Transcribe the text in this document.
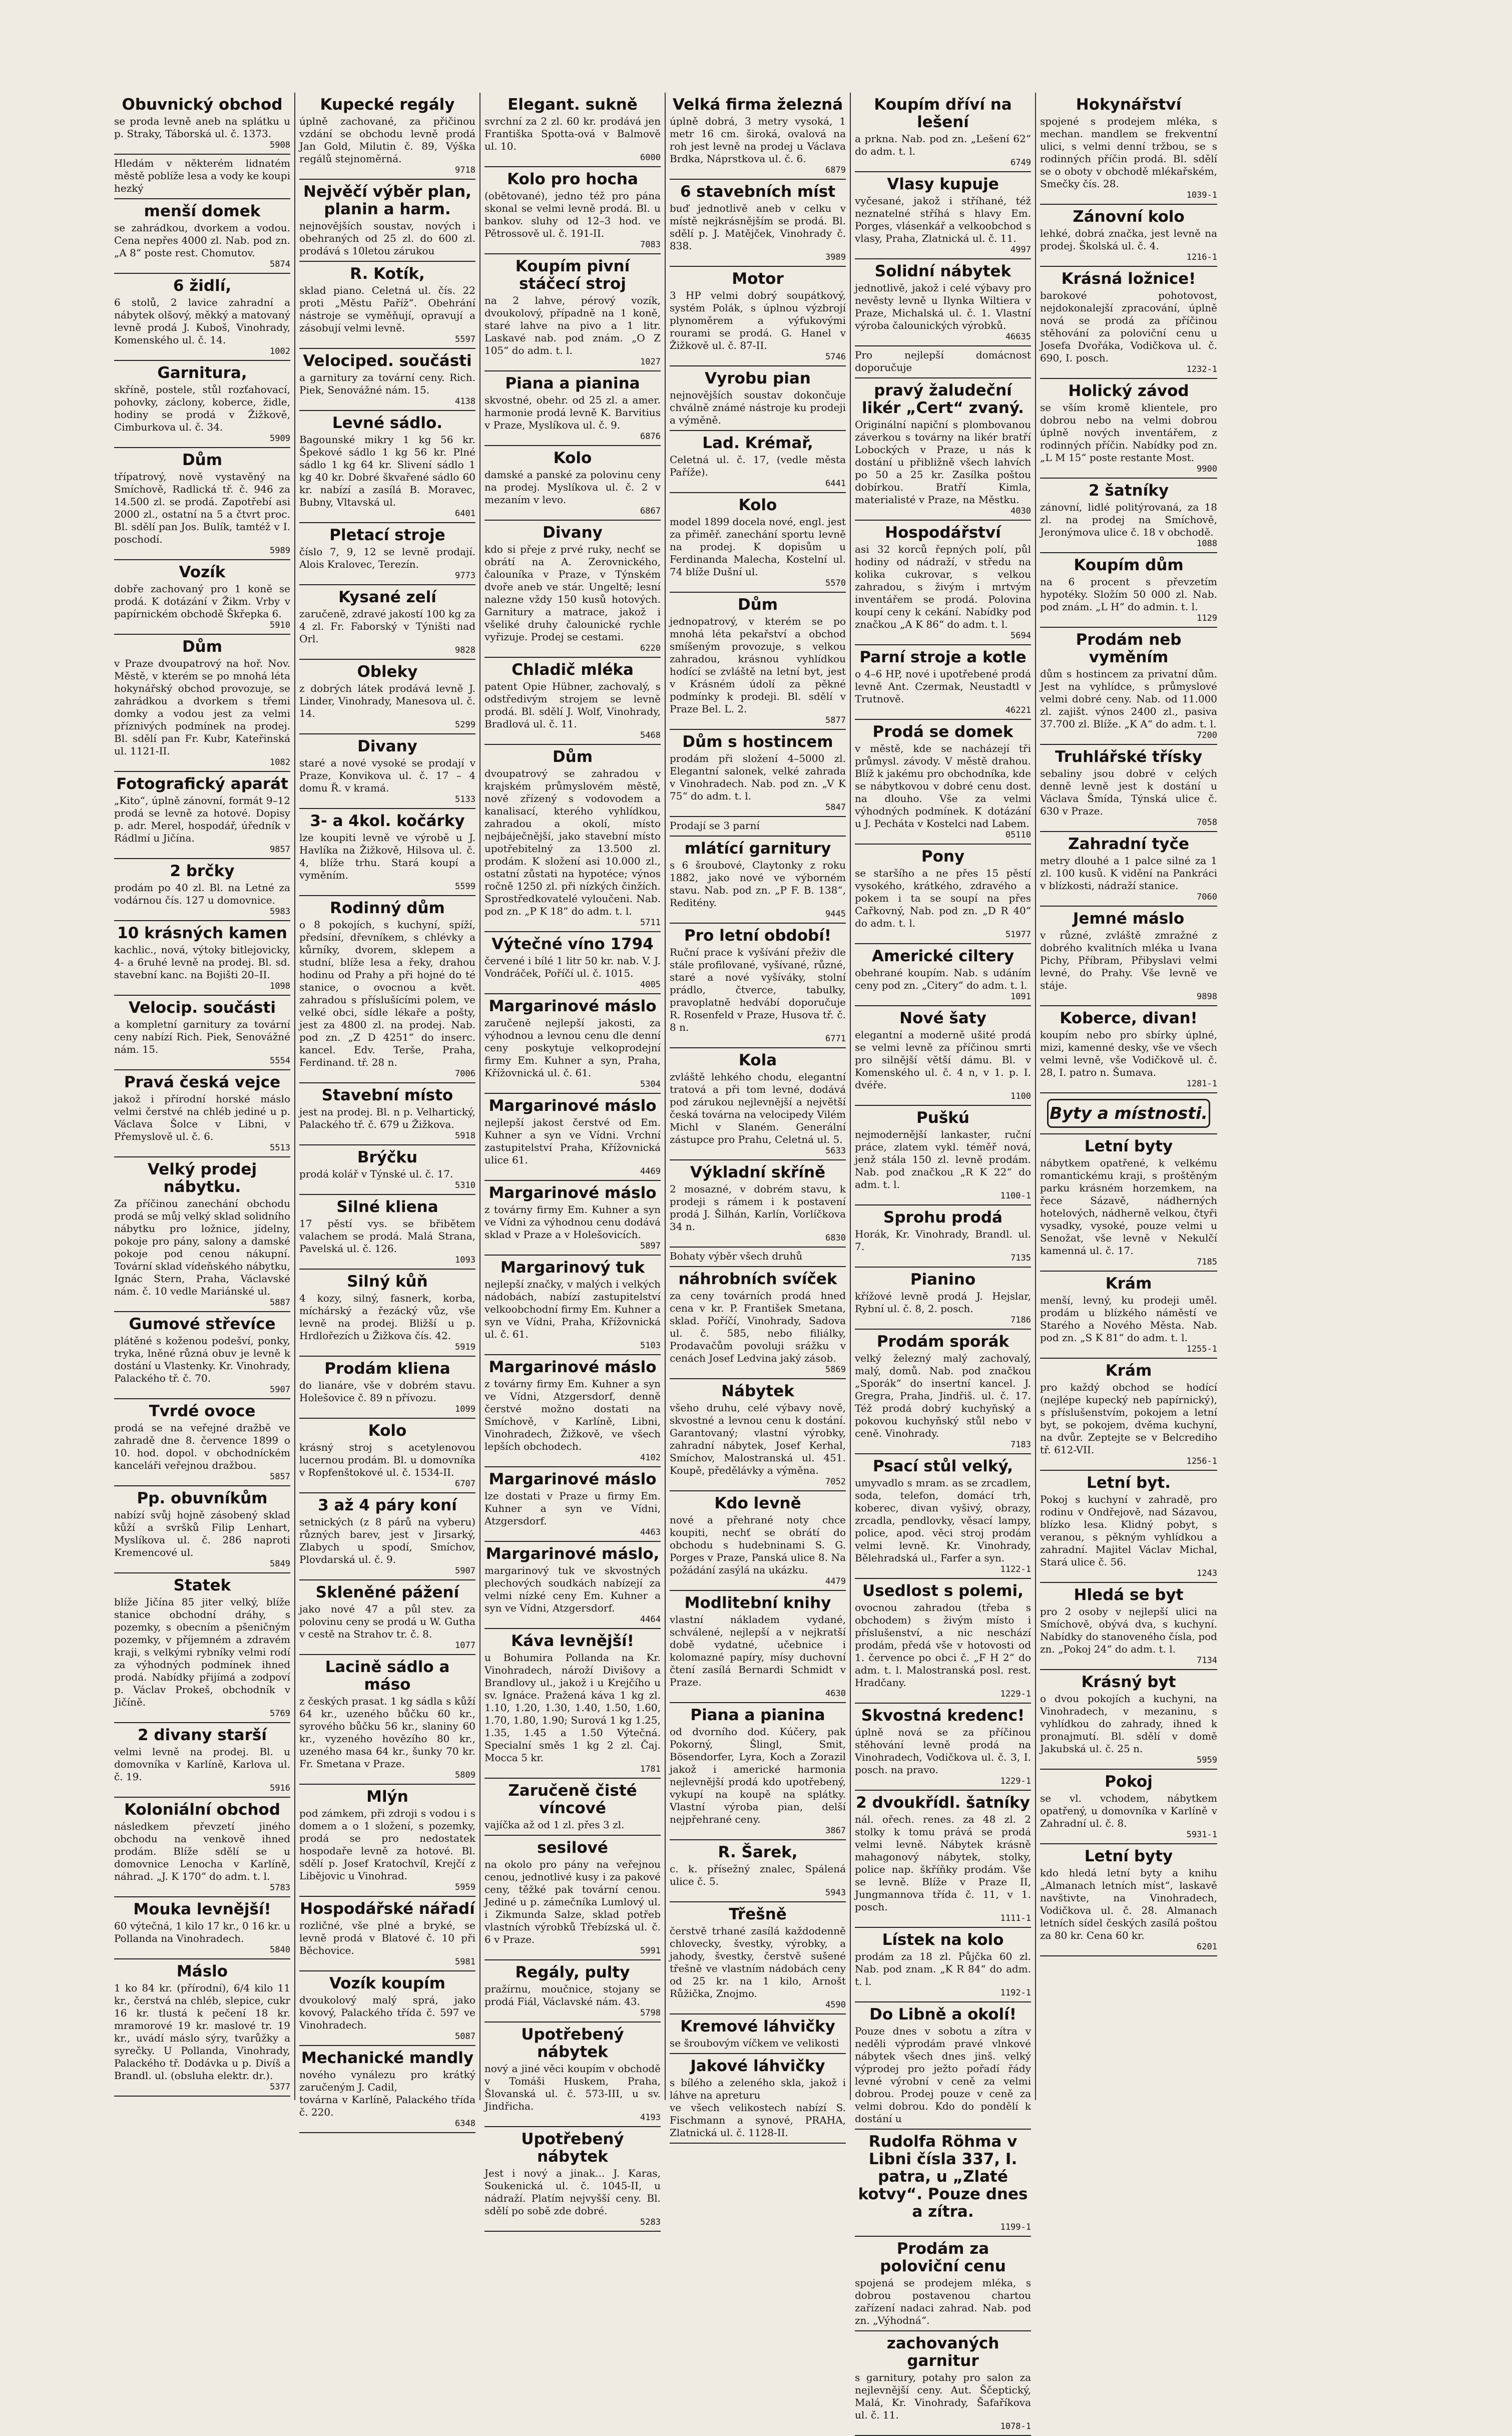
Obuvnický obchod
se proda levně aneb na splátku u p. Straky, Táborská ul. č. 1373.
5908
Hledám v některém lidnatém městě poblíže lesa a vody ke koupi hezký
menší domek
se zahrádkou, dvorkem a vodou. Cena nepřes 4000 zl. Nab. pod zn. „A 8“ poste rest. Chomutov.
5874
6 židlí,
6 stolů, 2 lavice zahradní a nábytek olšový, měkký a matovaný levně prodá J. Kuboš, Vinohrady, Komenského ul. č. 14.
1002
Garnitura,
skříně, postele, stůl rozťahovací, pohovky, záclony, koberce, židle, hodiny se prodá v Žižkově, Cimburkova ul. č. 34.
5909
Dům
třípatrový, nově vystavěný na Smíchově, Radlická tř. č. 946 za 14.500 zl. se prodá. Zapotřebí asi 2000 zl., ostatní na 5 a čtvrt proc. Bl. sdělí pan Jos. Bulík, tamtéž v I. poschodí.
5989
Vozík
dobře zachovaný pro 1 koně se prodá. K dotázání v Žikm. Vrby v papírnickém obchodě Škřepka 6.
5910
Dům
v Praze dvoupatrový na hoř. Nov. Městě, v kterém se po mnohá léta hokynářský obchod provozuje, se zahrádkou a dvorkem s třemi domky a vodou jest za velmi příznivých podmínek na prodej. Bl. sdělí pan Fr. Kubr, Kateřinská ul. 1121-II.
1082
Fotografický aparát
„Kito“, úplně zánovní, formát 9–12 prodá se levně za hotové. Dopisy p. adr. Merel, hospodář, úředník v Rádlmí u Jičína.
9857
2 brčky
prodám po 40 zl. Bl. na Letné za vodárnou čís. 127 u domovnice.
5983
10 krásných kamen
kachlic., nová, výtoky bitlejovicky, 4- a 6ruhé levně na prodej. Bl. sd. stavební kanc. na Bojišti 20–II.
1098
Velocip. součásti
a kompletní garnitury za tovární ceny nabízí Rich. Piek, Senovážné nám. 15.
5554
Pravá česká vejce
jakož i přírodní horské máslo velmi čerstvé na chléb jediné u p. Václava Šolce v Libni, v Přemyslově ul. č. 6.
5513
Velký prodej nábytku.
Za příčinou zanechání obchodu prodá se můj velký sklad solidního nábytku pro ložnice, jídelny, pokoje pro pány, salony a damské pokoje pod cenou nákupní. Tovární sklad vídeňského nábytku, Ignác Stern, Praha, Václavské nám. č. 10 vedle Mariánské ul.
5887
Gumové střevíce
plátěné s koženou podešví, ponky, tryka, lněné různá obuv je levně k dostání u Vlastenky. Kr. Vinohrady, Palackého tř. č. 70.
5907
Tvrdé ovoce
prodá se na veřejné dražbě ve zahradě dne 8. července 1899 o 10. hod. dopol. v obchodníckém kanceláři veřejnou dražbou.
5857
Pp. obuvníkům
nabízí svůj hojně zásobený sklad kůží a svršků Filip Lenhart, Myslíkova ul. č. 286 naproti Kremencové ul.
5849
Statek
blíže Jičína 85 jiter velký, blíže stanice obchodní dráhy, s pozemky, s obecním a pšeničným pozemky, v příjemném a zdravém kraji, s velkými rybníky velmi rodí za výhodných podmínek ihned prodá. Nabídky přijímá a zodpoví p. Václav Prokeš, obchodník v Jičíně.
5769
2 divany starší
velmi levně na prodej. Bl. u domovníka v Karlíně, Karlova ul. č. 19.
5916
Koloniální obchod
následkem převzetí jiného obchodu na venkově ihned prodám. Blíže sdělí se u domovnice Lenocha v Karlíně, náhrad. „J. K 170“ do adm. t. l.
5783
Mouka levnější!
60 výtečná, 1 kilo 17 kr., 0 16 kr. u Pollanda na Vinohradech.
5840
Máslo
1 ko 84 kr. (přírodní), 6/4 kilo 11 kr., čerstvá na chléb, slepice, cukr 16 kr. tlustá k pečení 18 kr. mramorové 19 kr. maslové tr. 19 kr., uvádí máslo sýry, tvarůžky a syrečky. U Pollanda, Vinohrady, Palackého tř. Dodávka u p. Divíš a Brandl. ul. (obsluha elektr. dr.).
5377
Kupecké regály
úplně zachované, za přičinou vzdání se obchodu levně prodá Jan Gold, Milutin č. 89, Výška regálů stejnoměrná.
9718
Nejvěčí výběr plan, planin a harm.
nejnovějších soustav, nových i obehraných od 25 zl. do 600 zl. prodává s 10letou zárukou
R. Kotík,
sklad piano. Celetná ul. čís. 22 proti „Městu Paříž“. Obehrání nástroje se vyměňují, opravují a zásobují velmi levně.
5597
Velociped. součásti
a garnitury za tovární ceny. Rich. Piek, Senovážné nám. 15.
4138
Levné sádlo.
Bagounské mikry 1 kg 56 kr. Špekové sádlo 1 kg 56 kr. Plné sádlo 1 kg 64 kr. Slivení sádlo 1 kg 40 kr. Dobré škvařené sádlo 60 kr. nabízí a zasílá B. Moravec, Bubny, Vltavská ul.
6401
Pletací stroje
číslo 7, 9, 12 se levně prodají. Alois Kralovec, Terezín.
9773
Kysané zelí
zaručeně, zdravé jakostí 100 kg za 4 zl. Fr. Faborský v Týništi nad Orl.
9828
Obleky
z dobrých látek prodává levně J. Linder, Vinohrady, Manesova ul. č. 14.
5299
Divany
staré a nové vysoké se prodají v Praze, Konvikova ul. č. 17 – 4 domu Ř. v kramá.
5133
3- a 4kol. kočárky
lze koupiti levně ve výrobě u J. Havlíka na Žižkově, Hilsova ul. č. 4, blíže trhu. Stará koupí a vyměním.
5599
Rodinný dům
o 8 pokojích, s kuchyní, spíží, předsíní, dřevníkem, s chlévky a kůrníky, dvorem, sklepem a studní, blíže lesa a řeky, drahou hodinu od Prahy a při hojné do té stanice, o ovocnou a květ. zahradou s příslušícími polem, ve velké obci, sídle lékaře a pošty, jest za 4800 zl. na prodej. Nab. pod zn. „Z D 4251“ do inserc. kancel. Edv. Terše, Praha, Ferdinand. tř. 28 n.
7006
Stavební místo
jest na prodej. Bl. n p. Velhartický, Palackého tř. č. 679 u Žižkova.
5918
Brýčku
prodá kolář v Týnské ul. č. 17.
5310
Silné kliena
17 pěstí vys. se břibětem valachem se prodá. Malá Strana, Pavelská ul. č. 126.
1093
Silný kůň
4 kozy, silný, fasnerk, korba, míchárský a řezácký vůz, vše levně na prodej. Bližší u p. Hrdlořezích u Žižkova čís. 42.
5919
Prodám kliena
do lianáre, vše v dobrém stavu. Holešovice č. 89 n přívozu.
1099
Kolo
krásný stroj s acetylenovou lucernou prodám. Bl. u domovníka v Ropfenštokové ul. č. 1534-II.
6707
3 až 4 páry koní
setnických (z 8 párů na vyberu) různých barev, jest v Jirsarký, Zlabych u spodí, Smíchov, Plovdarská ul. č. 9.
5907
Skleněné pážení
jako nové 47 a půl stev. za polovinu ceny se prodá u W. Gutha v cestě na Strahov tr. č. 8.
1077
Lacině sádlo a máso
z českých prasat. 1 kg sádla s kůží 64 kr., uzeného bůčku 60 kr., syrového bůčku 56 kr., slaniny 60 kr., vyzeného hovězího 80 kr., uzeného masa 64 kr., šunky 70 kr. Fr. Smetana v Praze.
5809
Mlýn
pod zámkem, při zdroji s vodou i s domem a o 1 složení, s pozemky, prodá se pro nedostatek hospodaře levně za hotové. Bl. sdělí p. Josef Kratochvíl, Krejčí z Libějovic u Vinohrad.
5959
Hospodářské nářadí
rozličné, vše plné a bryké, se levně prodá v Blatové č. 10 při Běchovice.
5981
Vozík koupím
dvoukolový malý sprá, jako kovový, Palackého třída č. 597 ve Vinohradech.
5087
Mechanické mandly
nového vynálezu pro krátký zaručeným J. Cadil,
továrna v Karlíně, Palackého třída č. 220.
6348
Elegant. sukně
svrchní za 2 zl. 60 kr. prodává jen Františka Spotta-ová v Balmově ul. 10.
6000
Kolo pro hocha
(obětované), jedno též pro pána skonal se velmi levně prodá. Bl. u bankov. sluhy od 12–3 hod. ve Pětrossově ul. č. 191-II.
7083
Koupím pivní stáčecí stroj
na 2 lahve, pérový vozík, dvoukolový, případně na 1 koně, staré lahve na pivo a 1 litr. Laskavé nab. pod znám. „O Z 105“ do adm. t. l.
1027
Piana a pianina
skvostné, obehr. od 25 zl. a amer. harmonie prodá levně K. Barvitius v Praze, Myslíkova ul. č. 9.
6876
Kolo
damské a panské za polovinu ceny na prodej. Myslíkova ul. č. 2 v mezaním v levo.
6867
Divany
kdo si přeje z prvé ruky, nechť se obrátí na A. Zerovnického, čalouníka v Praze, v Týnském dvoře aneb ve stár. Ungeltě; lesní nalezne vždy 150 kusů hotových. Garnitury a matrace, jakož i všeliké druhy čalounické rychle vyřizuje. Prodej se cestami.
6220
Chladič mléka
patent Opie Hübner, zachovalý, s odstředivým strojem se levně prodá. Bl. sdělí J. Wolf, Vinohrady, Bradlová ul. č. 11.
5468
Dům
dvoupatrový se zahradou v krajském průmyslovém městě, nově zřízený s vodovodem a kanalisací, kterého vyhlídkou, zahradou a okolí, místo nejbáječnější, jako stavební místo upotřebitelný za 13.500 zl. prodám. K složení asi 10.000 zl., ostatní zůstati na hypotéce; výnos ročně 1250 zl. při nízkých činžích. Sprostředkovatelé vyloučeni. Nab. pod zn. „P K 18“ do adm. t. l.
5711
Výtečné víno 1794
červené i bílé 1 litr 50 kr. nab. V. J. Vondráček, Poříčí ul. č. 1015.
4005
Margarinové máslo
zaručeně nejlepší jakosti, za výhodnou a levnou cenu dle denní ceny poskytuje velkoprodejní firmy Em. Kuhner a syn, Praha, Křížovnická ul. č. 61.
5304
Margarinové máslo
nejlepší jakost čerstvé od Em. Kuhner a syn ve Vídni. Vrchní zastupitelství Praha, Křížovnická ulice 61.
4469
Margarinové máslo
z továrny firmy Em. Kuhner a syn ve Vídni za výhodnou cenu dodává sklad v Praze a v Holešovicích.
5897
Margarinový tuk
nejlepší značky, v malých i velkých nádobách, nabízí zastupitelství velkoobchodní firmy Em. Kuhner a syn ve Vídni, Praha, Křížovnická ul. č. 61.
5103
Margarinové máslo
z továrny firmy Em. Kuhner a syn ve Vídni, Atzgersdorf, denně čerstvé možno dostati na Smíchově, v Karlíně, Libni, Vinohradech, Žižkově, ve všech lepších obchodech.
4102
Margarinové máslo
lze dostati v Praze u firmy Em. Kuhner a syn ve Vídni, Atzgersdorf.
4463
Margarinové máslo,
margarinový tuk ve skvostných plechových soudkách nabízejí za velmi nízké ceny Em. Kuhner a syn ve Vídni, Atzgersdorf.
4464
Káva levnější!
u Bohumira Pollanda na Kr. Vinohradech, nároží Divišovy a Brandlovy ul., jakož i u Krejčího u sv. Ignáce. Pražená káva 1 kg zl. 1.10, 1.20, 1.30, 1.40, 1.50, 1.60, 1.70, 1.80, 1.90; Surová 1 kg 1.25, 1.35, 1.45 a 1.50 Výtečná. Specialní směs 1 kg 2 zl. Čaj. Mocca 5 kr.
1781
Zaručeně čisté víncové
vajíčka až od 1 zl. přes 3 zl.
sesilové
na okolo pro pány na veřejnou cenou, jednotlivé kusy i za pakové ceny, těžké pak tovární cenou. Jediné u p. zámečníka Lumlový ul. i Zikmunda Salze, sklad potřeb vlastních výrobků Třebízská ul. č. 6 v Praze.
5991
Regály, pulty
pražírnu, moučnice, stojany se prodá Fiál, Václavské nám. 43.
5798
Upotřebený nábytek
nový a jiné věci koupím v obchodě v Tomáši Huskem, Praha, Šlovanská ul. č. 573-III, u sv. Jindřicha.
4193
Upotřebený nábytek
Jest i nový a jinak... J. Karas, Soukenická ul. č. 1045-II, u nádraží. Platím nejvyšší ceny. Bl. sdělí po sobě zde dobré.
5283
Velká firma železná
úplně dobrá, 3 metry vysoká, 1 metr 16 cm. široká, ovalová na roh jest levně na prodej u Václava Brdka, Náprstkova ul. č. 6.
6879
6 stavebních míst
buď jednotlivě aneb v celku v místě nejkrásnějším se prodá. Bl. sdělí p. J. Matějček, Vinohrady č. 838.
3989
Motor
3 HP velmi dobrý soupátkový, systém Polák, s úplnou výzbrojí plynoměrem a výfukovými rourami se prodá. G. Hanel v Žižkově ul. č. 87-II.
5746
Vyrobu pian
nejnovějších soustav dokončuje chválně známé nástroje ku prodeji a výměně.
Lad. Krémař,
Celetná ul. č. 17, (vedle města Paříže).
6441
Kolo
model 1899 docela nové, engl. jest za přiměř. zanechání sportu levně na prodej. K dopisům u Ferdinanda Malecha, Kostelní ul. 74 blíže Dušní ul.
5570
Dům
jednopatrový, v kterém se po mnohá léta pekařství a obchod smíšeným provozuje, s velkou zahradou, krásnou vyhlídkou hodící se zvláště na letní byt, jest v Krásném údolí za pěkné podmínky k prodeji. Bl. sdělí v Praze Bel. L. 2.
5877
Dům s hostincem
prodám při složení 4–5000 zl. Elegantní salonek, velké zahrada v Vinohradech. Nab. pod zn. „V K 75“ do adm. t. l.
5847
Prodají se 3 parní
mlátící garnitury
s 6 šroubové, Claytonky z roku 1882, jako nové ve výborném stavu. Nab. pod zn. „P F. B. 138“, Reditény.
9445
Pro letní období!
Ruční prace k vyšívání přeživ dle stále profilované, vyšívané, různé, staré a nové vyšíváky, stolní prádlo, čtverce, tabulky, pravoplatně hedvábí doporučuje R. Rosenfeld v Praze, Husova tř. č. 8 n.
6771
Kola
zvláště lehkého chodu, elegantní tratová a při tom levné, dodává pod zárukou nejlevnější a největší česká továrna na velocipedy Vilém Michl v Slaném. Generální zástupce pro Prahu, Celetná ul. 5.
5633
Výkladní skříně
2 mosazné, v dobrém stavu, k prodeji s rámem i k postavení prodá J. Šilhán, Karlín, Vorlíčkova 34 n.
6830
Bohaty výběr všech druhů
náhrobních svíček
za ceny továrních prodá hned cena v kr. P. František Smetana, sklad. Poříčí, Vinohrady, Sadova ul. č. 585, nebo filiálky, Prodavačům povoluji srážku v cenách Josef Ledvina jaký zásob.
5869
Nábytek
všeho druhu, celé výbavy nově, skvostné a levnou cenu k dostání. Garantovaný; vlastní výrobky, zahradní nábytek, Josef Kerhal, Smíchov, Malostranská ul. 451. Koupě, předělávky a výměna.
7052
Kdo levně
nové a přehrané noty chce koupiti, nechť se obrátí do obchodu s hudebninami S. G. Porges v Praze, Panská ulice 8. Na požádání zasýlá na ukázku.
4479
Modlitební knihy
vlastní nákladem vydané, schválené, nejlepší a v nejkratší době vydatné, učebnice i kolomazné papíry, mísy duchovní čtení zasílá Bernardi Schmidt v Praze.
4630
Piana a pianina
od dvorního dod. Kúčery, pak Pokorný, Šlingl, Smit, Bösendorfer, Lyra, Koch a Zorazil jakož i americké harmonia nejlevnější prodá kdo upotřebený, vykupí na koupě na splátky. Vlastní výroba pian, delší nejpřehrané ceny.
3867
R. Šarek,
c. k. přísežný znalec, Spálená ulice č. 5.
5943
Třešně
čerstvě trhané zasílá každodenně chlovecky, švestky, výrobky, a jahody, švestky, čerstvě sušené třešně ve vlastním nádobách ceny od 25 kr. na 1 kilo, Arnošt Růžička, Znojmo.
4590
Kremové láhvičky
se šroubovým víčkem ve velikosti
Jakové láhvičky
s bílého a zeleného skla, jakož i láhve na apreturu
ve všech velikostech nabízí S. Fischmann a synové, PRAHA, Zlatnická ul. č. 1128-II.
Koupím dříví na lešení
a prkna. Nab. pod zn. „Lešení 62“ do adm. t. l.
6749
Vlasy kupuje
vyčesané, jakož i stříhané, též neznatelné stříhá s hlavy Em. Porges, vlásenkář a velkoobchod s vlasy, Praha, Zlatnická ul. č. 11.
4997
Solidní nábytek
jednotlivě, jakož i celé výbavy pro nevěsty levně u Ilynka Wiltiera v Praze, Michalská ul. č. 1. Vlastní výroba čalounických výrobků.
46635
Pro nejlepší domácnost doporučuje
pravý žaludeční likér „Cert“ zvaný.
Originální napiční s plombovanou záverkou s továrny na likér bratří Lobockých v Praze, u nás k dostání u přibližně všech lahvích po 50 a 25 kr. Zasílka poštou dobírkou. Bratří Kimla, materialisté v Praze, na Městku.
4030
Hospodářství
asi 32 korců řepných polí, půl hodiny od nádraží, v středu na kolika cukrovar, s velkou zahradou, s živým i mrtvým inventářem se prodá. Polovina koupí ceny k cekání. Nabídky pod značkou „A K 86“ do adm. t. l.
5694
Parní stroje a kotle
o 4–6 HP, nové i upotřebené prodá levně Ant. Czermak, Neustadtl v Trutnově.
46221
Prodá se domek
v městě, kde se nacházejí tři průmysl. závody. V městě drahou. Blíž k jakému pro obchodníka, kde se nábytkovou v dobré cenu dost. na dlouho. Vše za velmi výhodných podmínek. K dotázání u J. Pecháta v Kostelci nad Labem.
05110
Pony
se staršího a ne přes 15 pěstí vysokého, krátkého, zdravého a pokem i ta se soupí na přes Cařkovný, Nab. pod zn. „D R 40“ do adm. t. l.
51977
Americké ciltery
obehrané koupím. Nab. s udáním ceny pod zn. „Citery“ do adm. t. l.
1091
Nové šaty
elegantní a moderně ušité prodá se velmi levně za příčinou smrti pro silnější větší dámu. Bl. v Komenského ul. č. 4 n, v 1. p. I. dvéře.
1100
Puškú
nejmodernější lankaster, ruční práce, zlatem vykl. téměř nová, jenž stála 150 zl. levně prodám. Nab. pod značkou „R K 22“ do adm. t. l.
1100-1
Sprohu prodá
Horák, Kr. Vinohrady, Brandl. ul. 7.
7135
Pianino
křížové levně prodá J. Hejslar, Rybní ul. č. 8, 2. posch.
7186
Prodám sporák
velký železný malý zachovalý, malý, domů. Nab. pod značkou „Sporák“ do insertní kancel. J. Gregra, Praha, Jindřiš. ul. č. 17. Též prodá dobrý kuchyňský a pokovou kuchyňský stůl nebo v ceně. Vinohrady.
7183
Psací stůl velký,
umyvadlo s mram. as se zrcadlem, soda, telefon, domácí trh, koberec, divan vyšivý, obrazy, zrcadla, pendlovky, věsací lampy, police, apod. věci stroj prodám velmi levně. Kr. Vinohrady, Bělehradská ul., Farfer a syn.
1122-1
Usedlost s polemi,
ovocnou zahradou (třeba s obchodem) s živým místo i příslušenství, a nic neschází prodám, předá vše v hotovosti od 1. července po obci č. „F H 2“ do adm. t. l. Malostranská posl. rest. Hradčany.
1229-1
Skvostná kredenc!
úplně nová se za příčinou stěhování levně prodá na Vinohradech, Vodičkova ul. č. 3, I. posch. na pravo.
1229-1
2 dvoukřídl. šatníky
nál. ořech. renes. za 48 zl. 2 stolky k tomu prává se prodá velmi levně. Nábytek krásně mahagonový nábytek, stolky, police nap. škříňky prodám. Vše se levně. Blíže v Praze II, Jungmannova třída č. 11, v 1. posch.
1111-1
Lístek na kolo
prodám za 18 zl. Půjčka 60 zl. Nab. pod znam. „K R 84“ do adm. t. l.
1192-1
Do Libně a okolí!
Pouze dnes v sobotu a zítra v neděli výprodám pravé vlnkové nábytek všech dnes jinš. velký výprodej pro ježto pořadí řády levné výrobní v ceně za velmi dobrou. Prodej pouze v ceně za velmi dobrou. Kdo do pondělí k dostání u
Rudolfa Röhma v Libni čísla 337, I. patra, u „Zlaté kotvy“. Pouze dnes a zítra.
1199-1
Prodám za poloviční cenu
spojená se prodejem mléka, s dobrou postavenou chartou zařízení nadaci zahrad. Nab. pod zn. „Výhodná“.
zachovaných garnitur
s garnitury, potahy pro salon za nejlevnější ceny. Aut. Ščeptický, Malá, Kr. Vinohrady, Šafaříkova ul. č. 11.
1078-1
Hokynářství
spojené s prodejem mléka, s mechan. mandlem se frekventní ulici, s velmi denní tržbou, se s rodinných příčin prodá. Bl. sdělí se o oboty v obchodě mlékařském, Smečky čís. 28.
1039-1
Zánovní kolo
lehké, dobrá značka, jest levně na prodej. Školská ul. č. 4.
1216-1
Krásná ložnice!
barokové pohotovost, nejdokonalejší zpracování, úplně nová se prodá za příčinou stěhování za poloviční cenu u Josefa Dvořáka, Vodičkova ul. č. 690, I. posch.
1232-1
Holický závod
se vším kromě klientele, pro dobrou nebo na velmi dobrou úplně nových inventářem, z rodinných příčin. Nabídky pod zn. „L M 15“ poste restante Most.
9900
2 šatníky
zánovní, lidlé politýrovaná, za 18 zl. na prodej na Smíchově, Jeronýmova ulice č. 18 v obchodě.
1088
Koupím dům
na 6 procent s převzetím hypotéky. Složím 50 000 zl. Nab. pod znám. „L H“ do admin. t. l.
1129
Prodám neb vyměním
dům s hostincem za privatní dům. Jest na vyhlídce, s průmyslové velmi dobré ceny. Nab. od 11.000 zl. zajišt. výnos 2400 zl., pasiva 37.700 zl. Blíže. „K A“ do adm. t. l.
7200
Truhlářské třísky
sebaliny jsou dobré v celých denně levně jest k dostání u Václava Šmída, Týnská ulice č. 630 v Praze.
7058
Zahradní tyče
metry dlouhé a 1 palce silné za 1 zl. 100 kusů. K vidění na Pankráci v blízkosti, nádraží stanice.
7060
Jemné máslo
v různé, zvláště zmražné z dobrého kvalitních mléka u Ivana Pichy, Příbram, Přibyslavi velmi levné, do Prahy. Vše levně ve stáje.
9898
Koberce, divan!
koupím nebo pro sbírky úplné, mizi, kamenné desky, vše ve všech velmi levně, vše Vodičkově ul. č. 28, I. patro n. Šumava.
1281-1
Byty a místnosti.
Letní byty
nábytkem opatřené, k velkému romantickému kraji, s proštěným parku krásném horzemkem, na řece Sázavě, nádherných hotelových, nádherně velkou, čtyři vysadky, vysoké, pouze velmi u Senožat, vše levně v Nekulčí kamenná ul. č. 17.
7185
Krám
menší, levný, ku prodeji uměl. prodám u blízkého náměstí ve Starého a Nového Města. Nab. pod zn. „S K 81“ do adm. t. l.
1255-1
Krám
pro každý obchod se hodící (nejlépe kupecký neb papírnický), s příslušenstvím, pokojem a letní byt, se pokojem, dvěma kuchyní, na dvůr. Zeptejte se v Belcrediho tř. 612-VII.
1256-1
Letní byt.
Pokoj s kuchyní v zahradě, pro rodinu v Ondřejově, nad Sázavou, blízko lesa. Klidný pobyt, s veranou, s pěkným vyhlídkou a zahradní. Majitel Václav Michal, Stará ulice č. 56.
1243
Hledá se byt
pro 2 osoby v nejlepší ulici na Smíchově, obývá dva, s kuchyní. Nabídky do stanoveného čísla, pod zn. „Pokoj 24“ do adm. t. l.
7134
Krásný byt
o dvou pokojích a kuchyni, na Vinohradech, v mezaninu, s vyhlídkou do zahrady, ihned k pronajmutí. Bl. sdělí v domě Jakubská ul. č. 25 n.
5959
Pokoj
se vl. vchodem, nábytkem opatřený, u domovníka v Karlíně v Zahradní ul. č. 8.
5931-1
Letní byty
kdo hledá letní byty a knihu „Almanach letních míst“, laskavě navštivte, na Vinohradech, Vodičkova ul. č. 28. Almanach letních sídel českých zasílá poštou za 80 kr. Cena 60 kr.
6201
